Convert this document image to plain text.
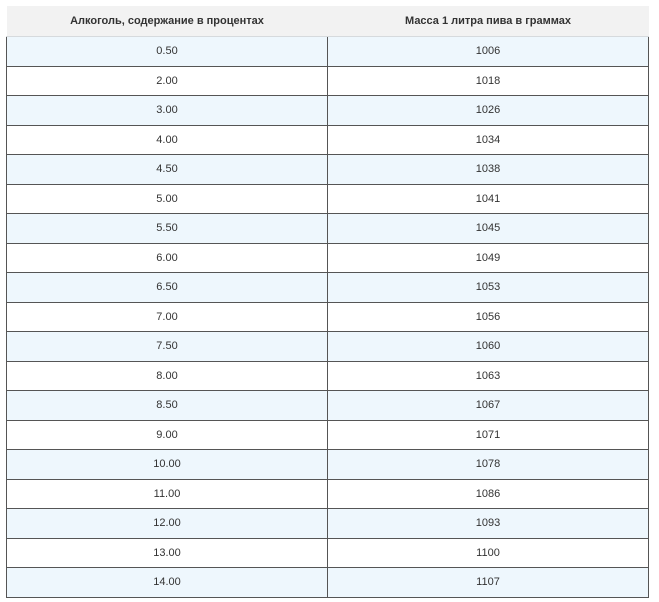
Алкоголь, содержание в процентах	Масса 1 литра пива в граммах
0.50	1006
2.00	1018
3.00	1026
4.00	1034
4.50	1038
5.00	1041
5.50	1045
6.00	1049
6.50	1053
7.00	1056
7.50	1060
8.00	1063
8.50	1067
9.00	1071
10.00	1078
11.00	1086
12.00	1093
13.00	1100
14.00	1107
